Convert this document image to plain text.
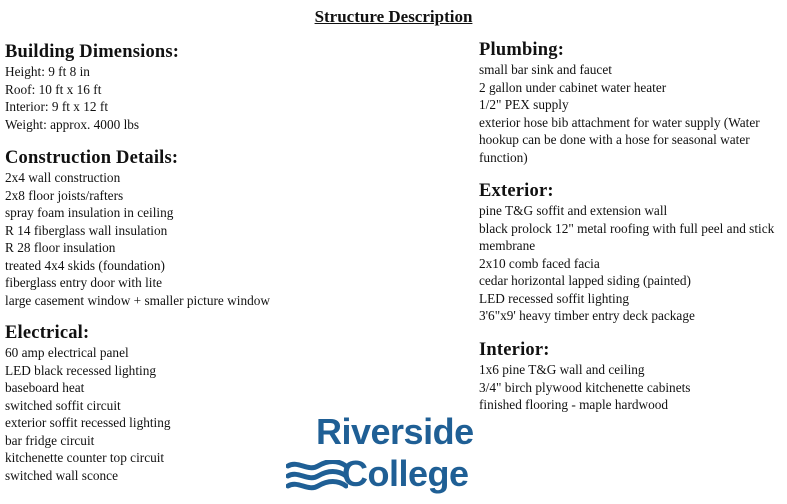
Structure Description
Building Dimensions:
Height: 9 ft 8 in
Roof: 10 ft x 16 ft
Interior: 9 ft x 12 ft
Weight: approx. 4000 lbs
Construction Details:
2x4 wall construction
2x8 floor joists/rafters
spray foam insulation in ceiling
R 14 fiberglass wall insulation
R 28 floor insulation
treated 4x4 skids (foundation)
fiberglass entry door with lite
large casement window + smaller picture window
Electrical:
60 amp electrical panel
LED black recessed lighting
baseboard heat
switched soffit circuit
exterior soffit recessed lighting
bar fridge circuit
kitchenette counter top circuit
switched wall sconce
Plumbing:
small bar sink and faucet
2 gallon under cabinet water heater
1/2" PEX supply
exterior hose bib attachment for water supply (Water hookup can be done with a hose for seasonal water function)
Exterior:
pine T&G soffit and extension wall
black prolock 12" metal roofing with full peel and stick membrane
2x10 comb faced facia
cedar horizontal lapped siding (painted)
LED recessed soffit lighting
3'6"x9' heavy timber entry deck package
Interior:
1x6 pine T&G wall and ceiling
3/4" birch plywood kitchenette cabinets
finished flooring - maple hardwood
Riverside
College
